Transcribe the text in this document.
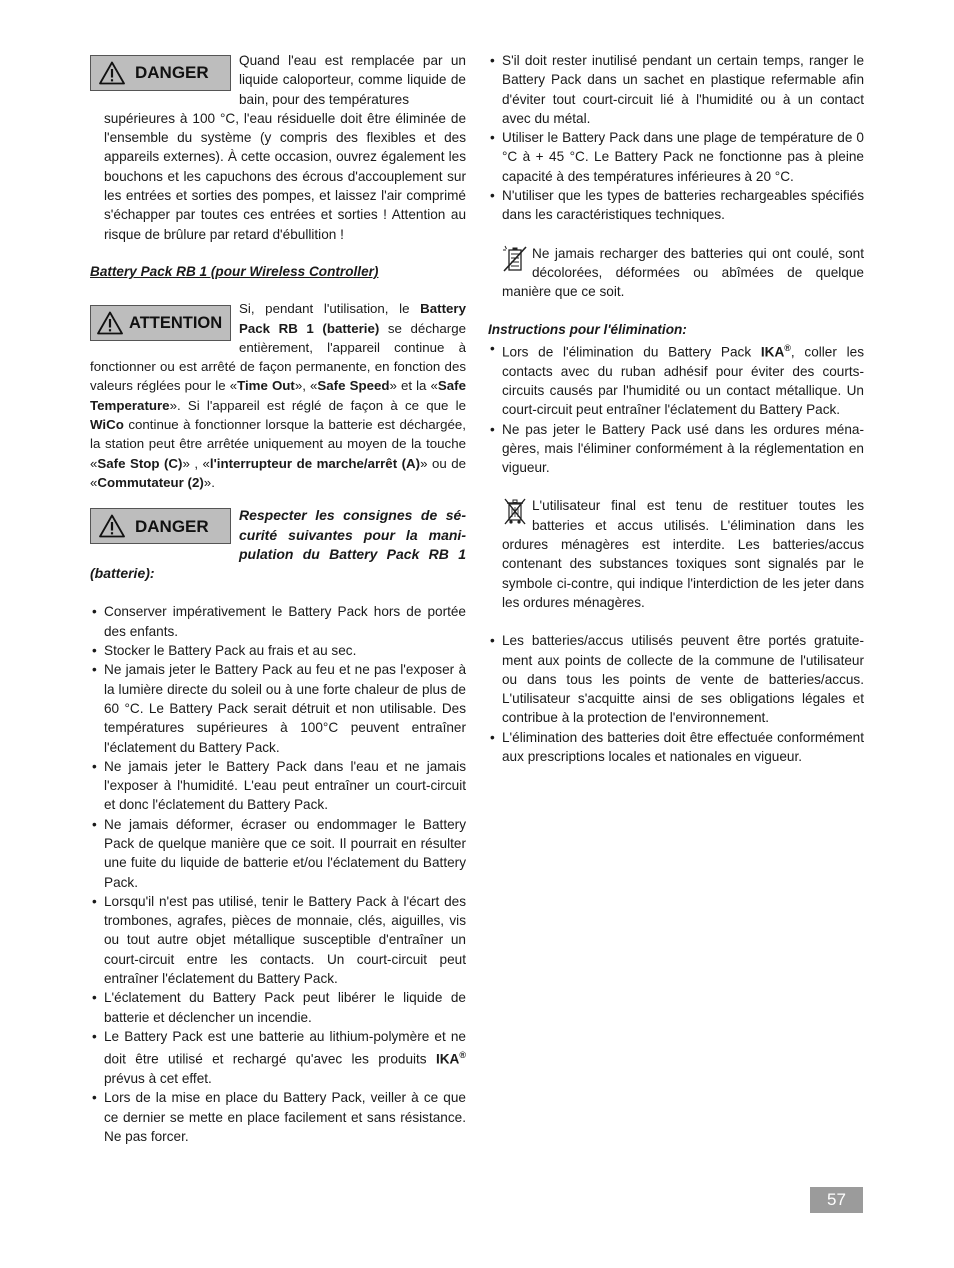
DANGER

Quand l'eau est remplacée par un liquide caloporteur, comme liquide de bain, pour des températures

supérieures à 100 °C, l'eau résiduelle doit être éliminée de l'ensemble du système (y compris des flexibles et des appareils externes). À cette occasion, ouvrez également les bouchons et les capuchons des écrous d'accouplement sur les entrées et sorties des pompes, et laissez l'air comprimé s'échapper par toutes ces entrées et sorties ! Attention au risque de brûlure par retard d'ébullition !

Battery Pack RB 1 (pour Wireless Controller)

ATTENTION

Si, pendant l'utilisation, le Battery Pack RB 1 (batterie) se décharge entièrement, l'appareil continue à fonctionner ou est arrêté de façon permanente, en fonction des valeurs réglées pour le «Time Out», «Safe Speed» et la «Safe Temperature». Si l'appareil est réglé de façon à ce que le WiCo continue à fonctionner lorsque la batterie est déchargée, la station peut être arrêtée uniquement au moyen de la touche «Safe Stop (C)» , «l'interrupteur de marche/arrêt (A)» ou de «Commutateur (2)».

DANGER

Respecter les consignes de sécurité suivantes pour la manipulation du Battery Pack RB 1 (batterie):

• Conserver impérativement le Battery Pack hors de portée des enfants.
• Stocker le Battery Pack au frais et au sec.
• Ne jamais jeter le Battery Pack au feu et ne pas l'exposer à la lumière directe du soleil ou à une forte chaleur de plus de 60 °C. Le Battery Pack serait détruit et non utilisable. Des températures supérieures à 100°C peuvent entraîner l'éclatement du Battery Pack.
• Ne jamais jeter le Battery Pack dans l'eau et ne jamais l'exposer à l'humidité. L'eau peut entraîner un court-circuit et donc l'éclatement du Battery Pack.
• Ne jamais déformer, écraser ou endommager le Battery Pack de quelque manière que ce soit. Il pourrait en résulter une fuite du liquide de batterie et/ou l'éclatement du Battery Pack.
• Lorsqu'il n'est pas utilisé, tenir le Battery Pack à l'écart des trombones, agrafes, pièces de monnaie, clés, aiguilles, vis ou tout autre objet métallique susceptible d'entraîner un court-circuit entre les contacts. Un court-circuit peut entraîner l'éclatement du Battery Pack.
• L'éclatement du Battery Pack peut libérer le liquide de batterie et déclencher un incendie.
• Le Battery Pack est une batterie au lithium-polymère et ne doit être utilisé et rechargé qu'avec les produits IKA® prévus à cet effet.
• Lors de la mise en place du Battery Pack, veiller à ce que ce dernier se mette en place facilement et sans résistance. Ne pas forcer.
• S'il doit rester inutilisé pendant un certain temps, ranger le Battery Pack dans un sachet en plastique refermable afin d'éviter tout court-circuit lié à l'humidité ou à un contact avec du métal.
• Utiliser le Battery Pack dans une plage de température de 0 °C à + 45 °C. Le Battery Pack ne fonctionne pas à pleine capacité à des températures inférieures à 20 °C.
• N'utiliser que les types de batteries rechargeables spécifiés dans les caractéristiques techniques.

Ne jamais recharger des batteries qui ont coulé, sont décolorées, déformées ou abîmées de quelque manière que ce soit.

Instructions pour l'élimination:

• Lors de l'élimination du Battery Pack IKA®, coller les contacts avec du ruban adhésif pour éviter des courts-circuits causés par l'humidité ou un contact métallique. Un court-circuit peut entraîner l'éclatement du Battery Pack.
• Ne pas jeter le Battery Pack usé dans les ordures ménagères, mais l'éliminer conformément à la réglementation en vigueur.

L'utilisateur final est tenu de restituer toutes les batteries et accus utilisés. L'élimination dans les ordures ménagères est interdite. Les batteries/accus contenant des substances toxiques sont signalés par le symbole ci-contre, qui indique l'interdiction de les jeter dans les ordures ménagères.

• Les batteries/accus utilisés peuvent être portés gratuitement aux points de collecte de la commune de l'utilisateur ou dans tous les points de vente de batteries/accus. L'utilisateur s'acquitte ainsi de ses obligations légales et contribue à la protection de l'environnement.
• L'élimination des batteries doit être effectuée conformément aux prescriptions locales et nationales en vigueur.
57
